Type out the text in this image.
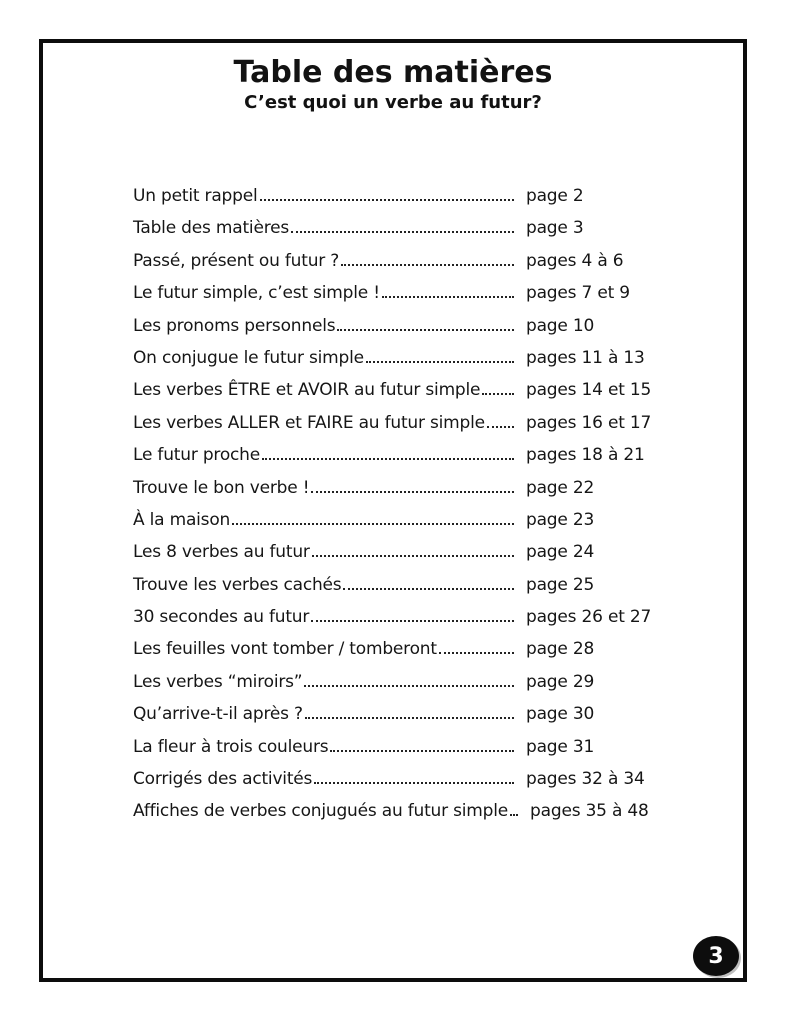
Table des matières
C’est quoi un verbe au futur?
Un petit rappel	page 2
Table des matières	page 3
Passé, présent ou futur ?	pages 4 à 6
Le futur simple, c’est simple !	pages 7 et 9
Les pronoms personnels	page 10
On conjugue le futur simple	pages 11 à 13
Les verbes ÊTRE et AVOIR au futur simple	pages 14 et 15
Les verbes ALLER et FAIRE au futur simple	pages 16 et 17
Le futur proche	pages 18 à 21
Trouve le bon verbe !	page 22
À la maison	page 23
Les 8 verbes au futur	page 24
Trouve les verbes cachés	page 25
30 secondes au futur	pages 26 et 27
Les feuilles vont tomber / tomberont	page 28
Les verbes “miroirs”	page 29
Qu’arrive-t-il après ?	page 30
La fleur à trois couleurs	page 31
Corrigés des activités	pages 32 à 34
Affiches de verbes conjugués au futur simple	pages 35 à 48
3
